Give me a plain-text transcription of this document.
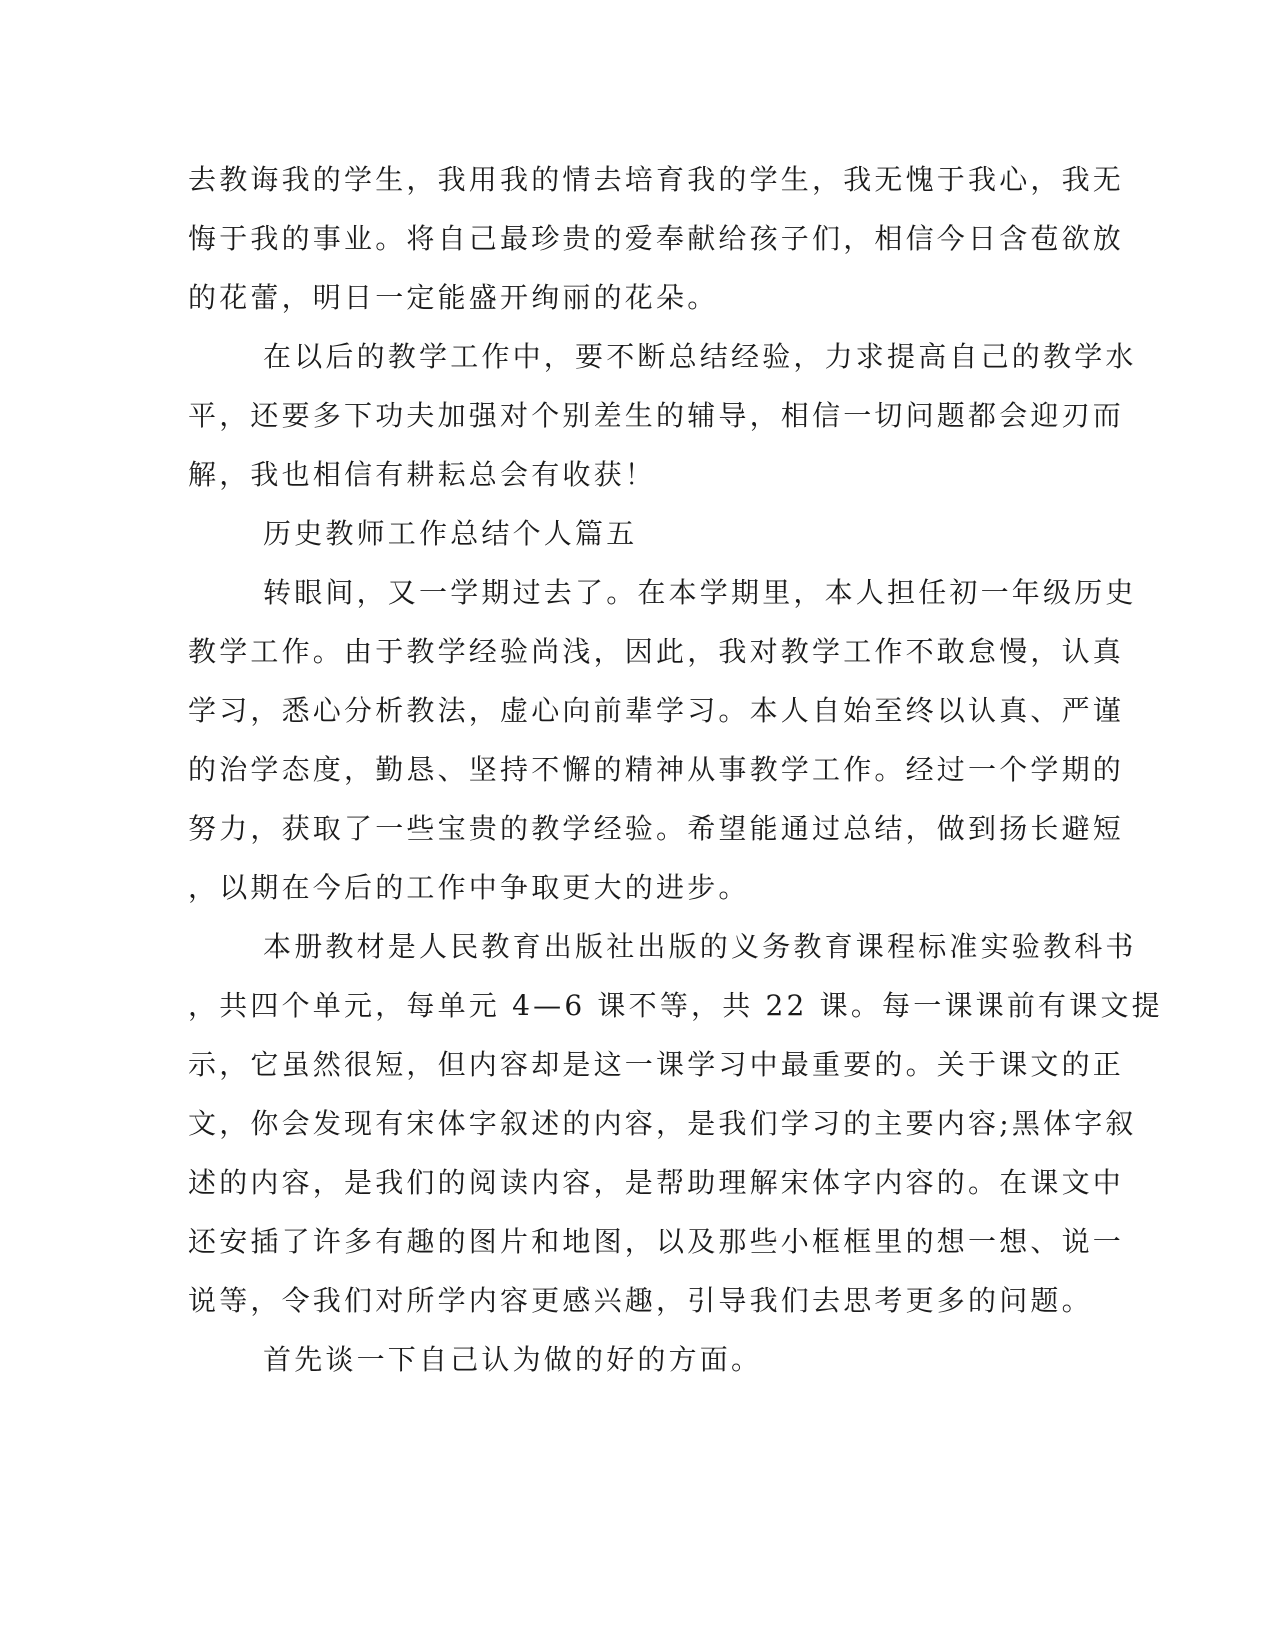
去教诲我的学生，我用我的情去培育我的学生，我无愧于我心，我无
悔于我的事业。将自己最珍贵的爱奉献给孩子们，相信今日含苞欲放
的花蕾，明日一定能盛开绚丽的花朵。
在以后的教学工作中，要不断总结经验，力求提高自己的教学水
平，还要多下功夫加强对个别差生的辅导，相信一切问题都会迎刃而
解，我也相信有耕耘总会有收获！
历史教师工作总结个人篇五
转眼间，又一学期过去了。在本学期里，本人担任初一年级历史
教学工作。由于教学经验尚浅，因此，我对教学工作不敢怠慢，认真
学习，悉心分析教法，虚心向前辈学习。本人自始至终以认真、严谨
的治学态度，勤恳、坚持不懈的精神从事教学工作。经过一个学期的
努力，获取了一些宝贵的教学经验。希望能通过总结，做到扬长避短
，以期在今后的工作中争取更大的进步。
本册教材是人民教育出版社出版的义务教育课程标准实验教科书
，共四个单元，每单元 4—6 课不等，共 22 课。每一课课前有课文提
示，它虽然很短，但内容却是这一课学习中最重要的。关于课文的正
文，你会发现有宋体字叙述的内容，是我们学习的主要内容;黑体字叙
述的内容，是我们的阅读内容，是帮助理解宋体字内容的。在课文中
还安插了许多有趣的图片和地图，以及那些小框框里的想一想、说一
说等，令我们对所学内容更感兴趣，引导我们去思考更多的问题。
首先谈一下自己认为做的好的方面。
